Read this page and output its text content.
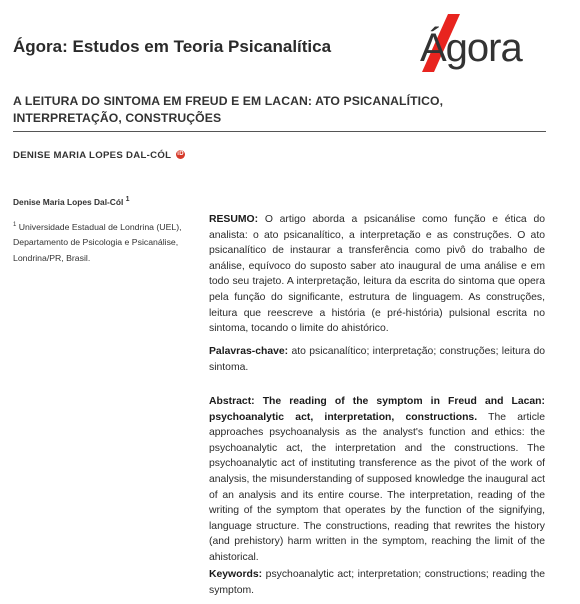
Ágora: Estudos em Teoria Psicanalítica Ágora
A LEITURA DO SINTOMA EM FREUD E EM LACAN: ATO PSICANALÍTICO, INTERPRETAÇÃO, CONSTRUÇÕES
DENISE MARIA LOPES DAL-CÓL iD
Denise Maria Lopes Dal-Cól $^1$
$^1$ Universidade Estadual de Londrina (UEL), Departamento de Psicologia e Psicanálise, Londrina/PR, Brasil.
RESUMO: O artigo aborda a psicanálise como função e ética do analista: o ato psicanalítico, a interpretação e as construções. O ato psicanalítico de instaurar a transferência como pivô do trabalho de análise, equívoco do suposto saber ato inaugural de uma análise e em todo seu trajeto. A interpretação, leitura da escrita do sintoma que opera pela função do significante, estrutura de linguagem. As construções, leitura que reescreve a história (e pré-história) pulsional escrita no sintoma, tocando o limite do ahistórico.
Palavras-chave: ato psicanalítico; interpretação; construções; leitura do sintoma.
Abstract: The reading of the symptom in Freud and Lacan: psychoanalytic act, interpretation, constructions. The article approaches psychoanalysis as the analyst's function and ethics: the psychoanalytic act, the interpretation and the constructions. The psychoanalytic act of instituting transference as the pivot of the work of analysis, the misunderstanding of supposed knowledge the inaugural act of an analysis and its entire course. The interpretation, reading of the writing of the symptom that operates by the function of the signifying, language structure. The constructions, reading that rewrites the history (and prehistory) harm written in the symptom, reaching the limit of the ahistorical.
Keywords: psychoanalytic act; interpretation; constructions; reading the symptom.
